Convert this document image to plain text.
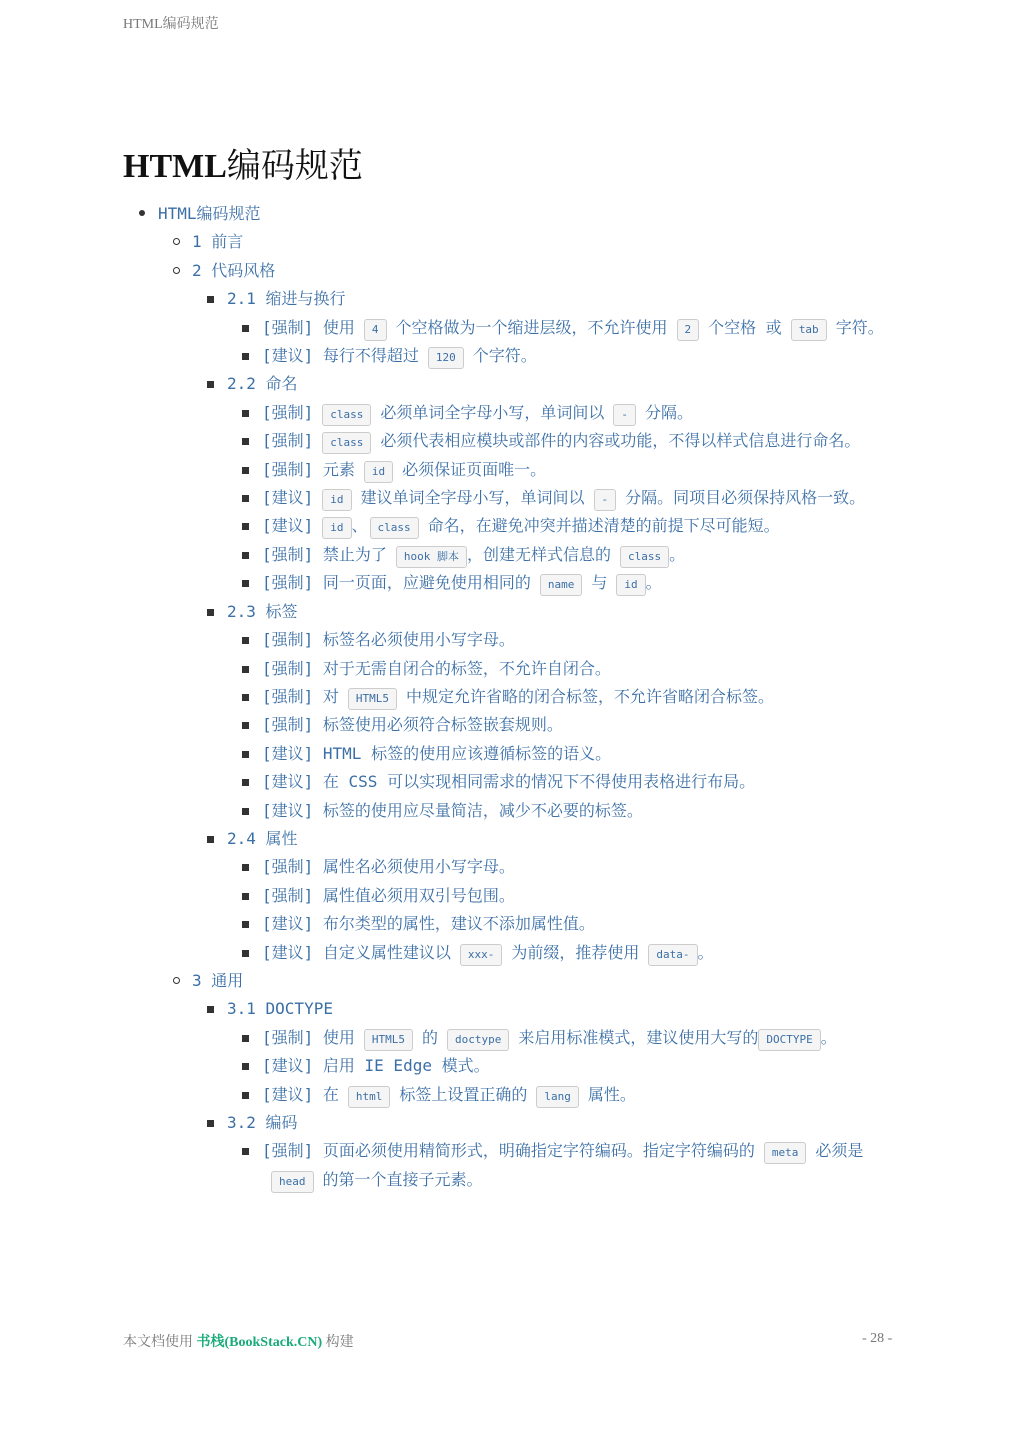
HTML编码规范
HTML编码规范
HTML编码规范
1 前言
2 代码风格
2.1 缩进与换行
[强制] 使用 4 个空格做为一个缩进层级，不允许使用 2 个空格 或 tab 字符。
[建议] 每行不得超过 120 个字符。
2.2 命名
[强制] class 必须单词全字母小写，单词间以 - 分隔。
[强制] class 必须代表相应模块或部件的内容或功能，不得以样式信息进行命名。
[强制] 元素 id 必须保证页面唯一。
[建议] id 建议单词全字母小写，单词间以 - 分隔。同项目必须保持风格一致。
[建议] id 、 class 命名，在避免冲突并描述清楚的前提下尽可能短。
[强制] 禁止为了 hook 脚本 ，创建无样式信息的 class 。
[强制] 同一页面，应避免使用相同的 name 与 id 。
2.3 标签
[强制] 标签名必须使用小写字母。
[强制] 对于无需自闭合的标签，不允许自闭合。
[强制] 对 HTML5 中规定允许省略的闭合标签，不允许省略闭合标签。
[强制] 标签使用必须符合标签嵌套规则。
[建议] HTML 标签的使用应该遵循标签的语义。
[建议] 在 CSS 可以实现相同需求的情况下不得使用表格进行布局。
[建议] 标签的使用应尽量简洁，减少不必要的标签。
2.4 属性
[强制] 属性名必须使用小写字母。
[强制] 属性值必须用双引号包围。
[建议] 布尔类型的属性，建议不添加属性值。
[建议] 自定义属性建议以 xxx- 为前缀，推荐使用 data- 。
3 通用
3.1 DOCTYPE
[强制] 使用 HTML5 的 doctype 来启用标准模式，建议使用大写的 DOCTYPE 。
[建议] 启用 IE Edge 模式。
[建议] 在 html 标签上设置正确的 lang 属性。
3.2 编码
[强制] 页面必须使用精简形式，明确指定字符编码。指定字符编码的 meta 必须是head 的第一个直接子元素。
本文档使用 书栈(BookStack.CN) 构建	- 28 -
